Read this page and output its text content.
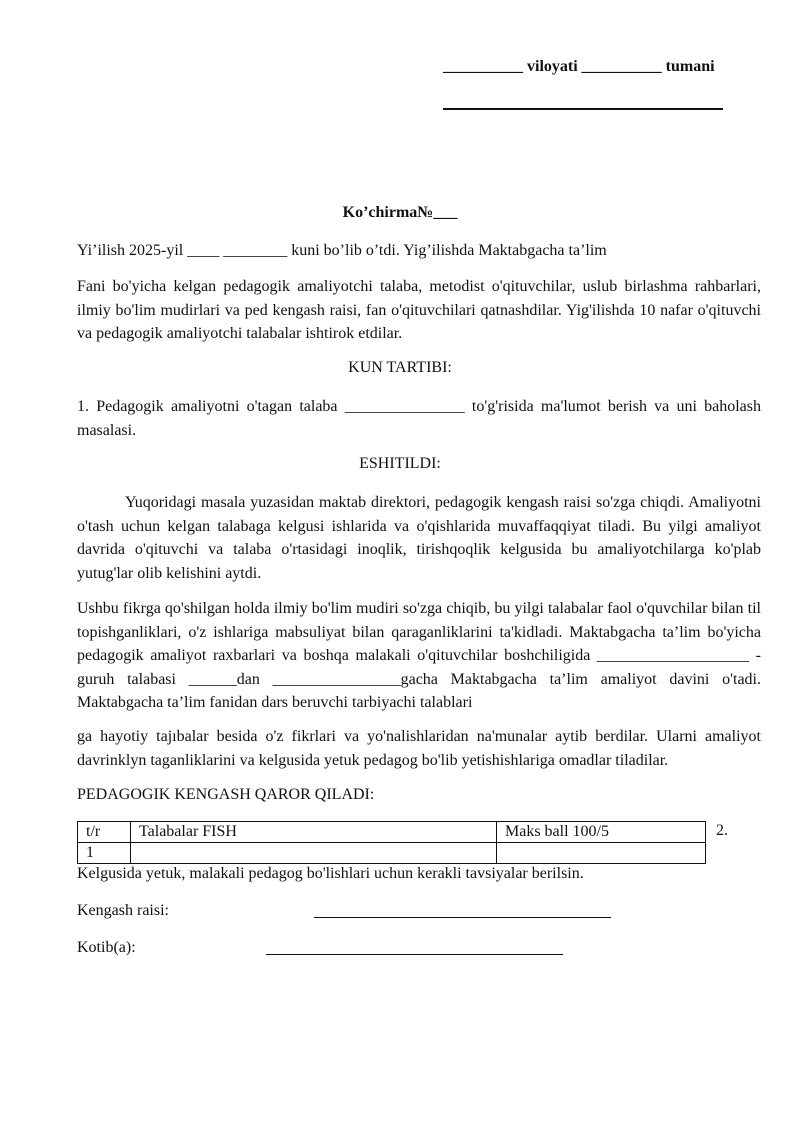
__________ viloyati __________ tumani
Ko’chirma№___
Yi’ilish 2025-yil ____ ________ kuni bo’lib o’tdi. Yig’ilishda Maktabgacha ta’lim
Fani bo'yicha kelgan pedagogik amaliyotchi talaba, metodist o'qituvchilar, uslub birlashma rahbarlari, ilmiy bo'lim mudirlari va ped kengash raisi, fan o'qituvchilari qatnashdilar. Yig'ilishda 10 nafar o'qituvchi va pedagogik amaliyotchi talabalar ishtirok etdilar.
KUN TARTIBI:
1. Pedagogik amaliyotni o'tagan talaba _______________ to'g'risida ma'lumot berish va uni baholash masalasi.
ESHITILDI:
Yuqoridagi masala yuzasidan maktab direktori, pedagogik kengash raisi so'zga chiqdi. Amaliyotni o'tash uchun kelgan talabaga kelgusi ishlarida va o'qishlarida muvaffaqqiyat tiladi. Bu yilgi amaliyot davrida o'qituvchi va talaba o'rtasidagi inoqlik, tirishqoqlik kelgusida bu amaliyotchilarga ko'plab yutug'lar olib kelishini aytdi.
Ushbu fikrga qo'shilgan holda ilmiy bo'lim mudiri so'zga chiqib, bu yilgi talabalar faol o'quvchilar bilan til topishganliklari, o'z ishlariga mabsuliyat bilan qaraganliklarini ta'kidladi. Maktabgacha ta’lim bo'yicha pedagogik amaliyot raxbarlari va boshqa malakali o'qituvchilar boshchiligida ___________________ -guruh talabasi ______dan ________________gacha Maktabgacha ta’lim amaliyot davini o'tadi. Maktabgacha ta’lim fanidan dars beruvchi tarbiyachi talablari
ga hayotiy tajıbalar besida o'z fikrlari va yo'nalishlaridan na'munalar aytib berdilar. Ularni amaliyot davrinklyn taganliklarini va kelgusida yetuk pedagog bo'lib yetishishlariga omadlar tiladilar.
PEDAGOGIK KENGASH QAROR QILADI:
t/r	Talabalar FISH	Maks ball 100/5
1		
2.
Kelgusida yetuk, malakali pedagog bo'lishlari uchun kerakli tavsiyalar berilsin.
Kengash raisi:
Kotib(a):
